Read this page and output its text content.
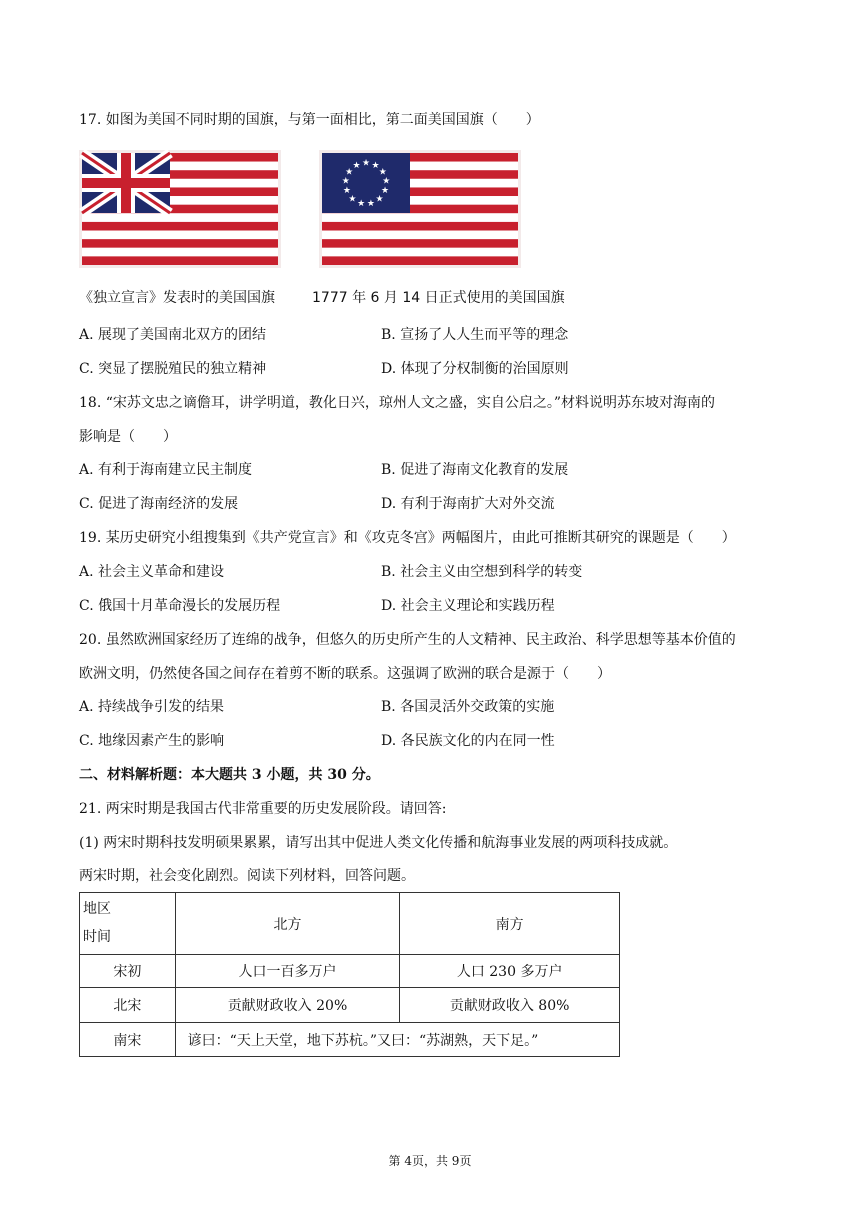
17. 如图为美国不同时期的国旗，与第一面相比，第二面美国国旗（　　）
★ ★
★
★
★
★
★
★
★
★
★
★
★
《独立宣言》发表时的美国国旗	1777 年 6 月 14 日正式使用的美国国旗
A. 展现了美国南北双方的团结	B. 宣扬了人人生而平等的理念
C. 突显了摆脱殖民的独立精神	D. 体现了分权制衡的治国原则
18. “宋苏文忠之谪儋耳，讲学明道，教化日兴，琼州人文之盛，实自公启之。”材料说明苏东坡对海南的
影响是（　　）
A. 有利于海南建立民主制度	B. 促进了海南文化教育的发展
C. 促进了海南经济的发展	D. 有利于海南扩大对外交流
19. 某历史研究小组搜集到《共产党宣言》和《攻克冬宫》两幅图片，由此可推断其研究的课题是（　　）
A. 社会主义革命和建设	B. 社会主义由空想到科学的转变
C. 俄国十月革命漫长的发展历程	D. 社会主义理论和实践历程
20. 虽然欧洲国家经历了连绵的战争，但悠久的历史所产生的人文精神、民主政治、科学思想等基本价值的
欧洲文明，仍然使各国之间存在着剪不断的联系。这强调了欧洲的联合是源于（　　）
A. 持续战争引发的结果	B. 各国灵活外交政策的实施
C. 地缘因素产生的影响	D. 各民族文化的内在同一性
二、材料解析题：本大题共 3 小题，共 30 分。
21. 两宋时期是我国古代非常重要的历史发展阶段。请回答:
(1) 两宋时期科技发明硕果累累，请写出其中促进人类文化传播和航海事业发展的两项科技成就。
两宋时期，社会变化剧烈。阅读下列材料，回答问题。
地区
时间	北方	南方
宋初	人口一百多万户	人口 230 多万户
北宋	贡献财政收入 20%	贡献财政收入 80%
南宋	谚曰：“天上天堂，地下苏杭。”又曰：“苏湖熟，天下足。”	
第 4页，共 9页
